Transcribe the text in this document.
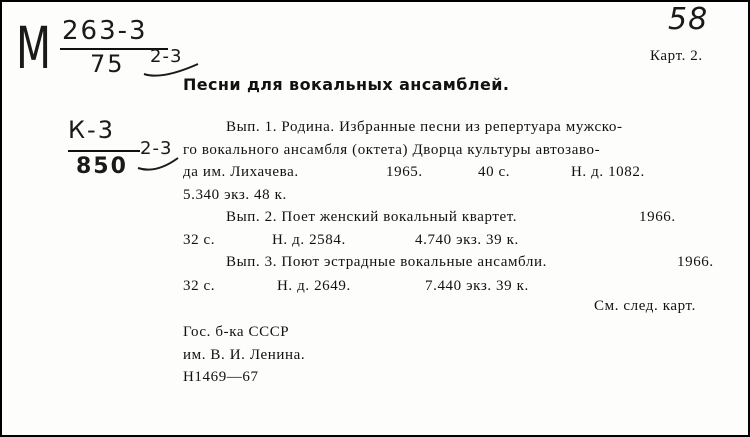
М 263-3
75 2-3
58
К-3
850
2-3
Карт. 2.
Песни для вокальных ансамблей.
Вып. 1. Родина. Избранные песни из репертуара мужско-
го вокального ансамбля (октета) Дворца культуры автозаво-
да им. Лихачева.	1965.	40 с.	Н. д. 1082.
5.340 экз. 48 к.
Вып. 2. Поет женский вокальный квартет.	1966.
32 с.	Н. д. 2584.	4.740 экз. 39 к.
Вып. 3. Поют эстрадные вокальные ансамбли.	1966.
32 с.	Н. д. 2649.	7.440 экз. 39 к.
См. след. карт.
Гос. б-ка СССР
им. В. И. Ленина.
Н1469—67
